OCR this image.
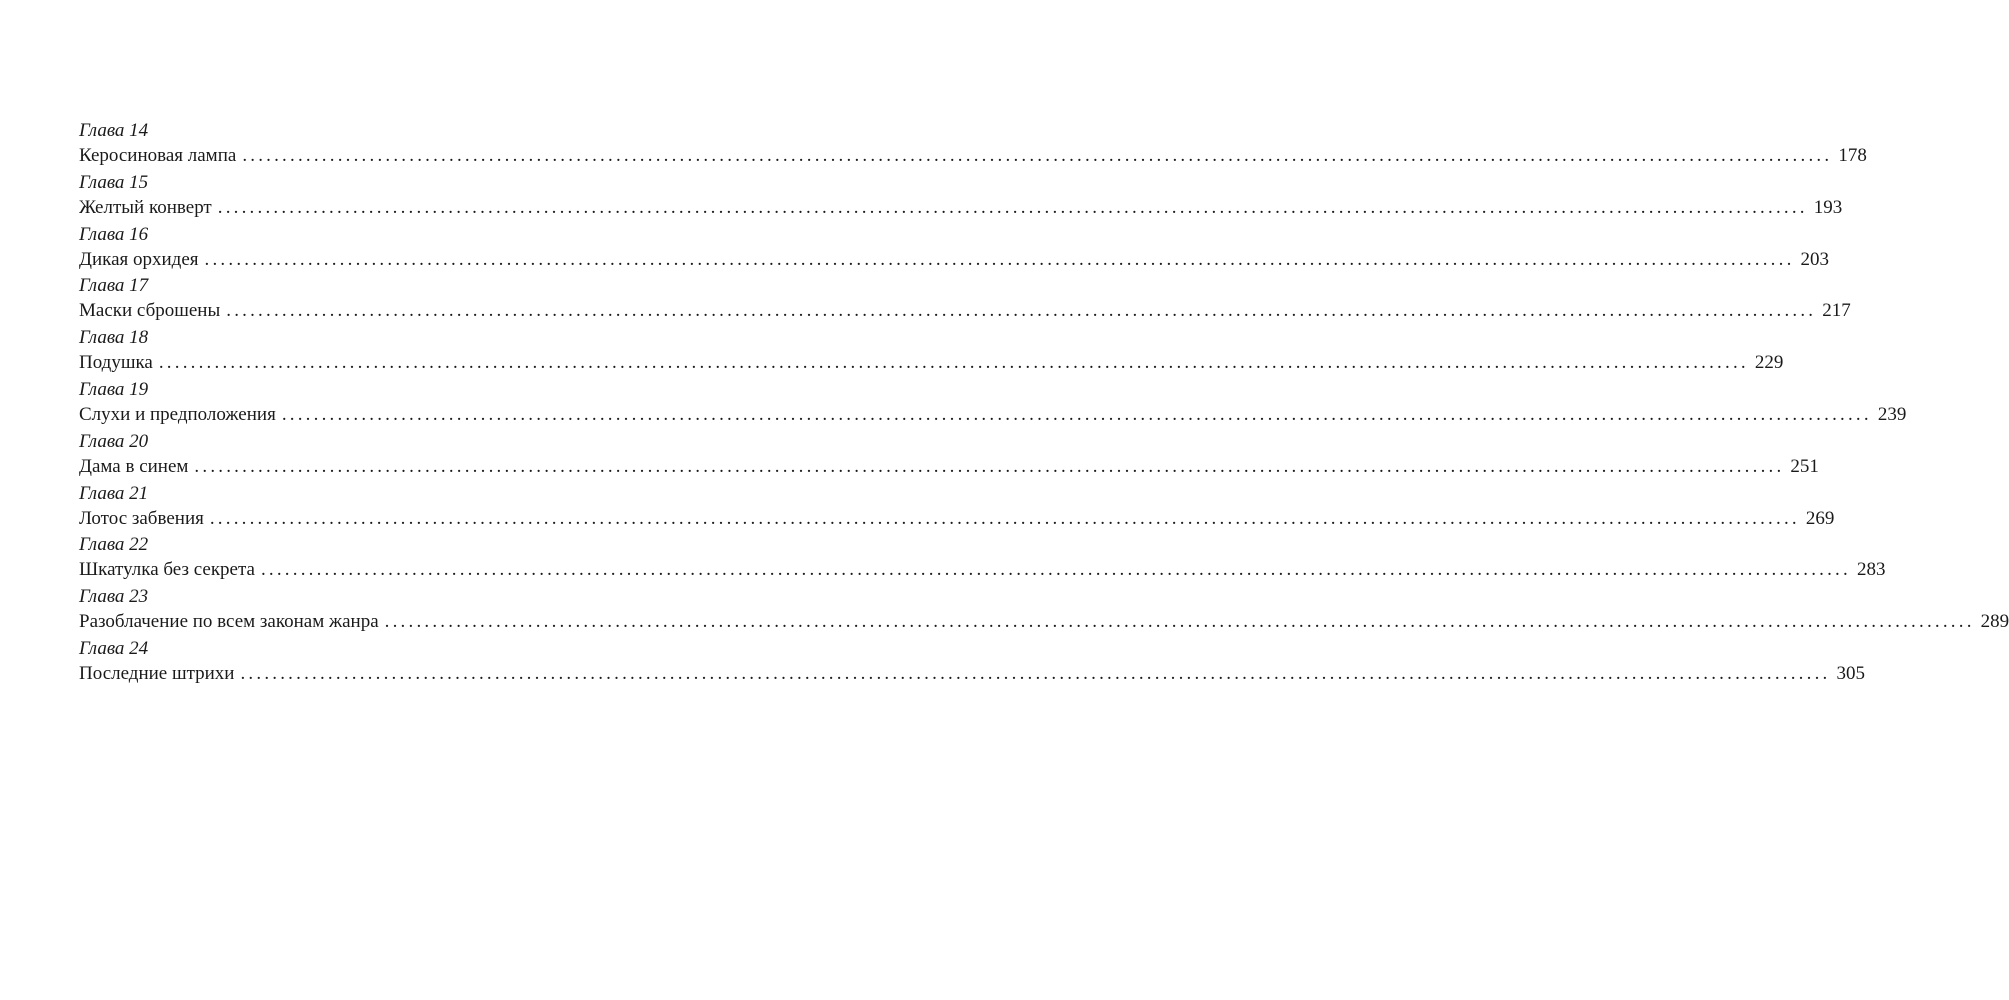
Глава 14
Керосиновая лампа ........................................................................................................................................................................................................ 178
Глава 15
Желтый конверт ........................................................................................................................................................................................................ 193
Глава 16
Дикая орхидея ........................................................................................................................................................................................................ 203
Глава 17
Маски сброшены ........................................................................................................................................................................................................ 217
Глава 18
Подушка ........................................................................................................................................................................................................ 229
Глава 19
Слухи и предположения ........................................................................................................................................................................................................ 239
Глава 20
Дама в синем ........................................................................................................................................................................................................ 251
Глава 21
Лотос забвения ........................................................................................................................................................................................................ 269
Глава 22
Шкатулка без секрета ........................................................................................................................................................................................................ 283
Глава 23
Разоблачение по всем законам жанра ........................................................................................................................................................................................................ 289
Глава 24
Последние штрихи ........................................................................................................................................................................................................ 305
